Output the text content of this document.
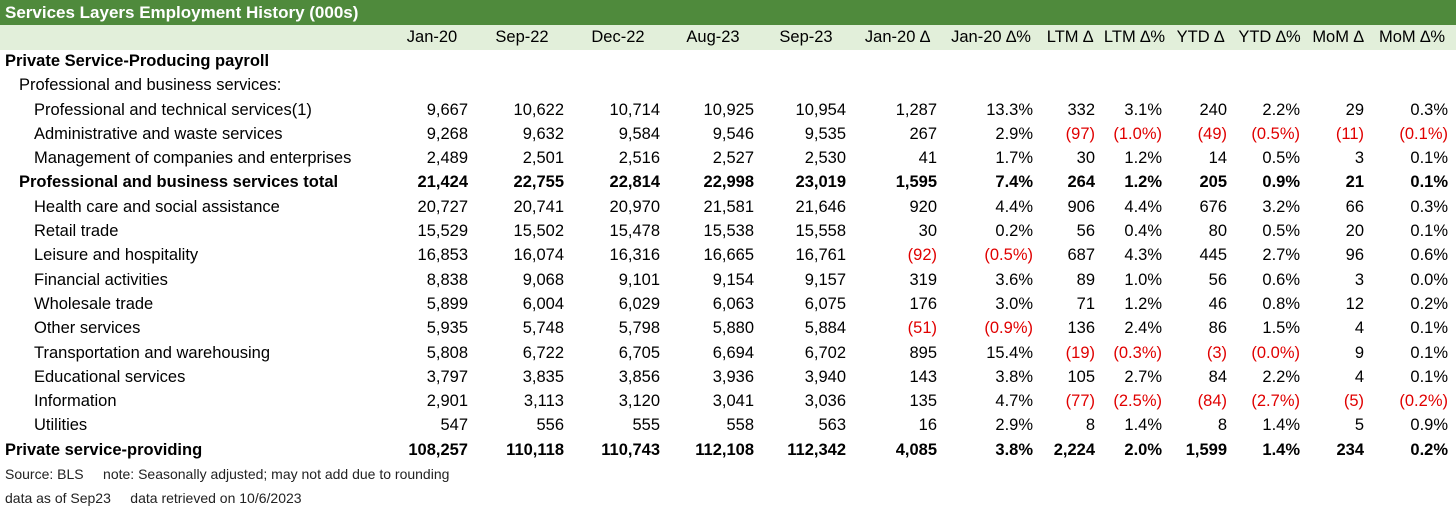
Services Layers Employment History (000s)
	Jan-20	Sep-22	Dec-22	Aug-23	Sep-23	Jan-20 ∆	Jan-20 ∆%	LTM ∆	LTM ∆%	YTD ∆	YTD ∆%	MoM ∆	MoM ∆%
Private Service-Producing payroll													
Professional and business services:													
Professional and technical services(1)	9,667	10,622	10,714	10,925	10,954	1,287	13.3%	332	3.1%	240	2.2%	29	0.3%
Administrative and waste services	9,268	9,632	9,584	9,546	9,535	267	2.9%	(97)	(1.0%)	(49)	(0.5%)	(11)	(0.1%)
Management of companies and enterprises	2,489	2,501	2,516	2,527	2,530	41	1.7%	30	1.2%	14	0.5%	3	0.1%
Professional and business services total	21,424	22,755	22,814	22,998	23,019	1,595	7.4%	264	1.2%	205	0.9%	21	0.1%
Health care and social assistance	20,727	20,741	20,970	21,581	21,646	920	4.4%	906	4.4%	676	3.2%	66	0.3%
Retail trade	15,529	15,502	15,478	15,538	15,558	30	0.2%	56	0.4%	80	0.5%	20	0.1%
Leisure and hospitality	16,853	16,074	16,316	16,665	16,761	(92)	(0.5%)	687	4.3%	445	2.7%	96	0.6%
Financial activities	8,838	9,068	9,101	9,154	9,157	319	3.6%	89	1.0%	56	0.6%	3	0.0%
Wholesale trade	5,899	6,004	6,029	6,063	6,075	176	3.0%	71	1.2%	46	0.8%	12	0.2%
Other services	5,935	5,748	5,798	5,880	5,884	(51)	(0.9%)	136	2.4%	86	1.5%	4	0.1%
Transportation and warehousing	5,808	6,722	6,705	6,694	6,702	895	15.4%	(19)	(0.3%)	(3)	(0.0%)	9	0.1%
Educational services	3,797	3,835	3,856	3,936	3,940	143	3.8%	105	2.7%	84	2.2%	4	0.1%
Information	2,901	3,113	3,120	3,041	3,036	135	4.7%	(77)	(2.5%)	(84)	(2.7%)	(5)	(0.2%)
Utilities	547	556	555	558	563	16	2.9%	8	1.4%	8	1.4%	5	0.9%
Private service-providing	108,257	110,118	110,743	112,108	112,342	4,085	3.8%	2,224	2.0%	1,599	1.4%	234	0.2%
Source: BLS     note: Seasonally adjusted; may not add due to rounding
data as of Sep23     data retrieved on 10/6/2023
